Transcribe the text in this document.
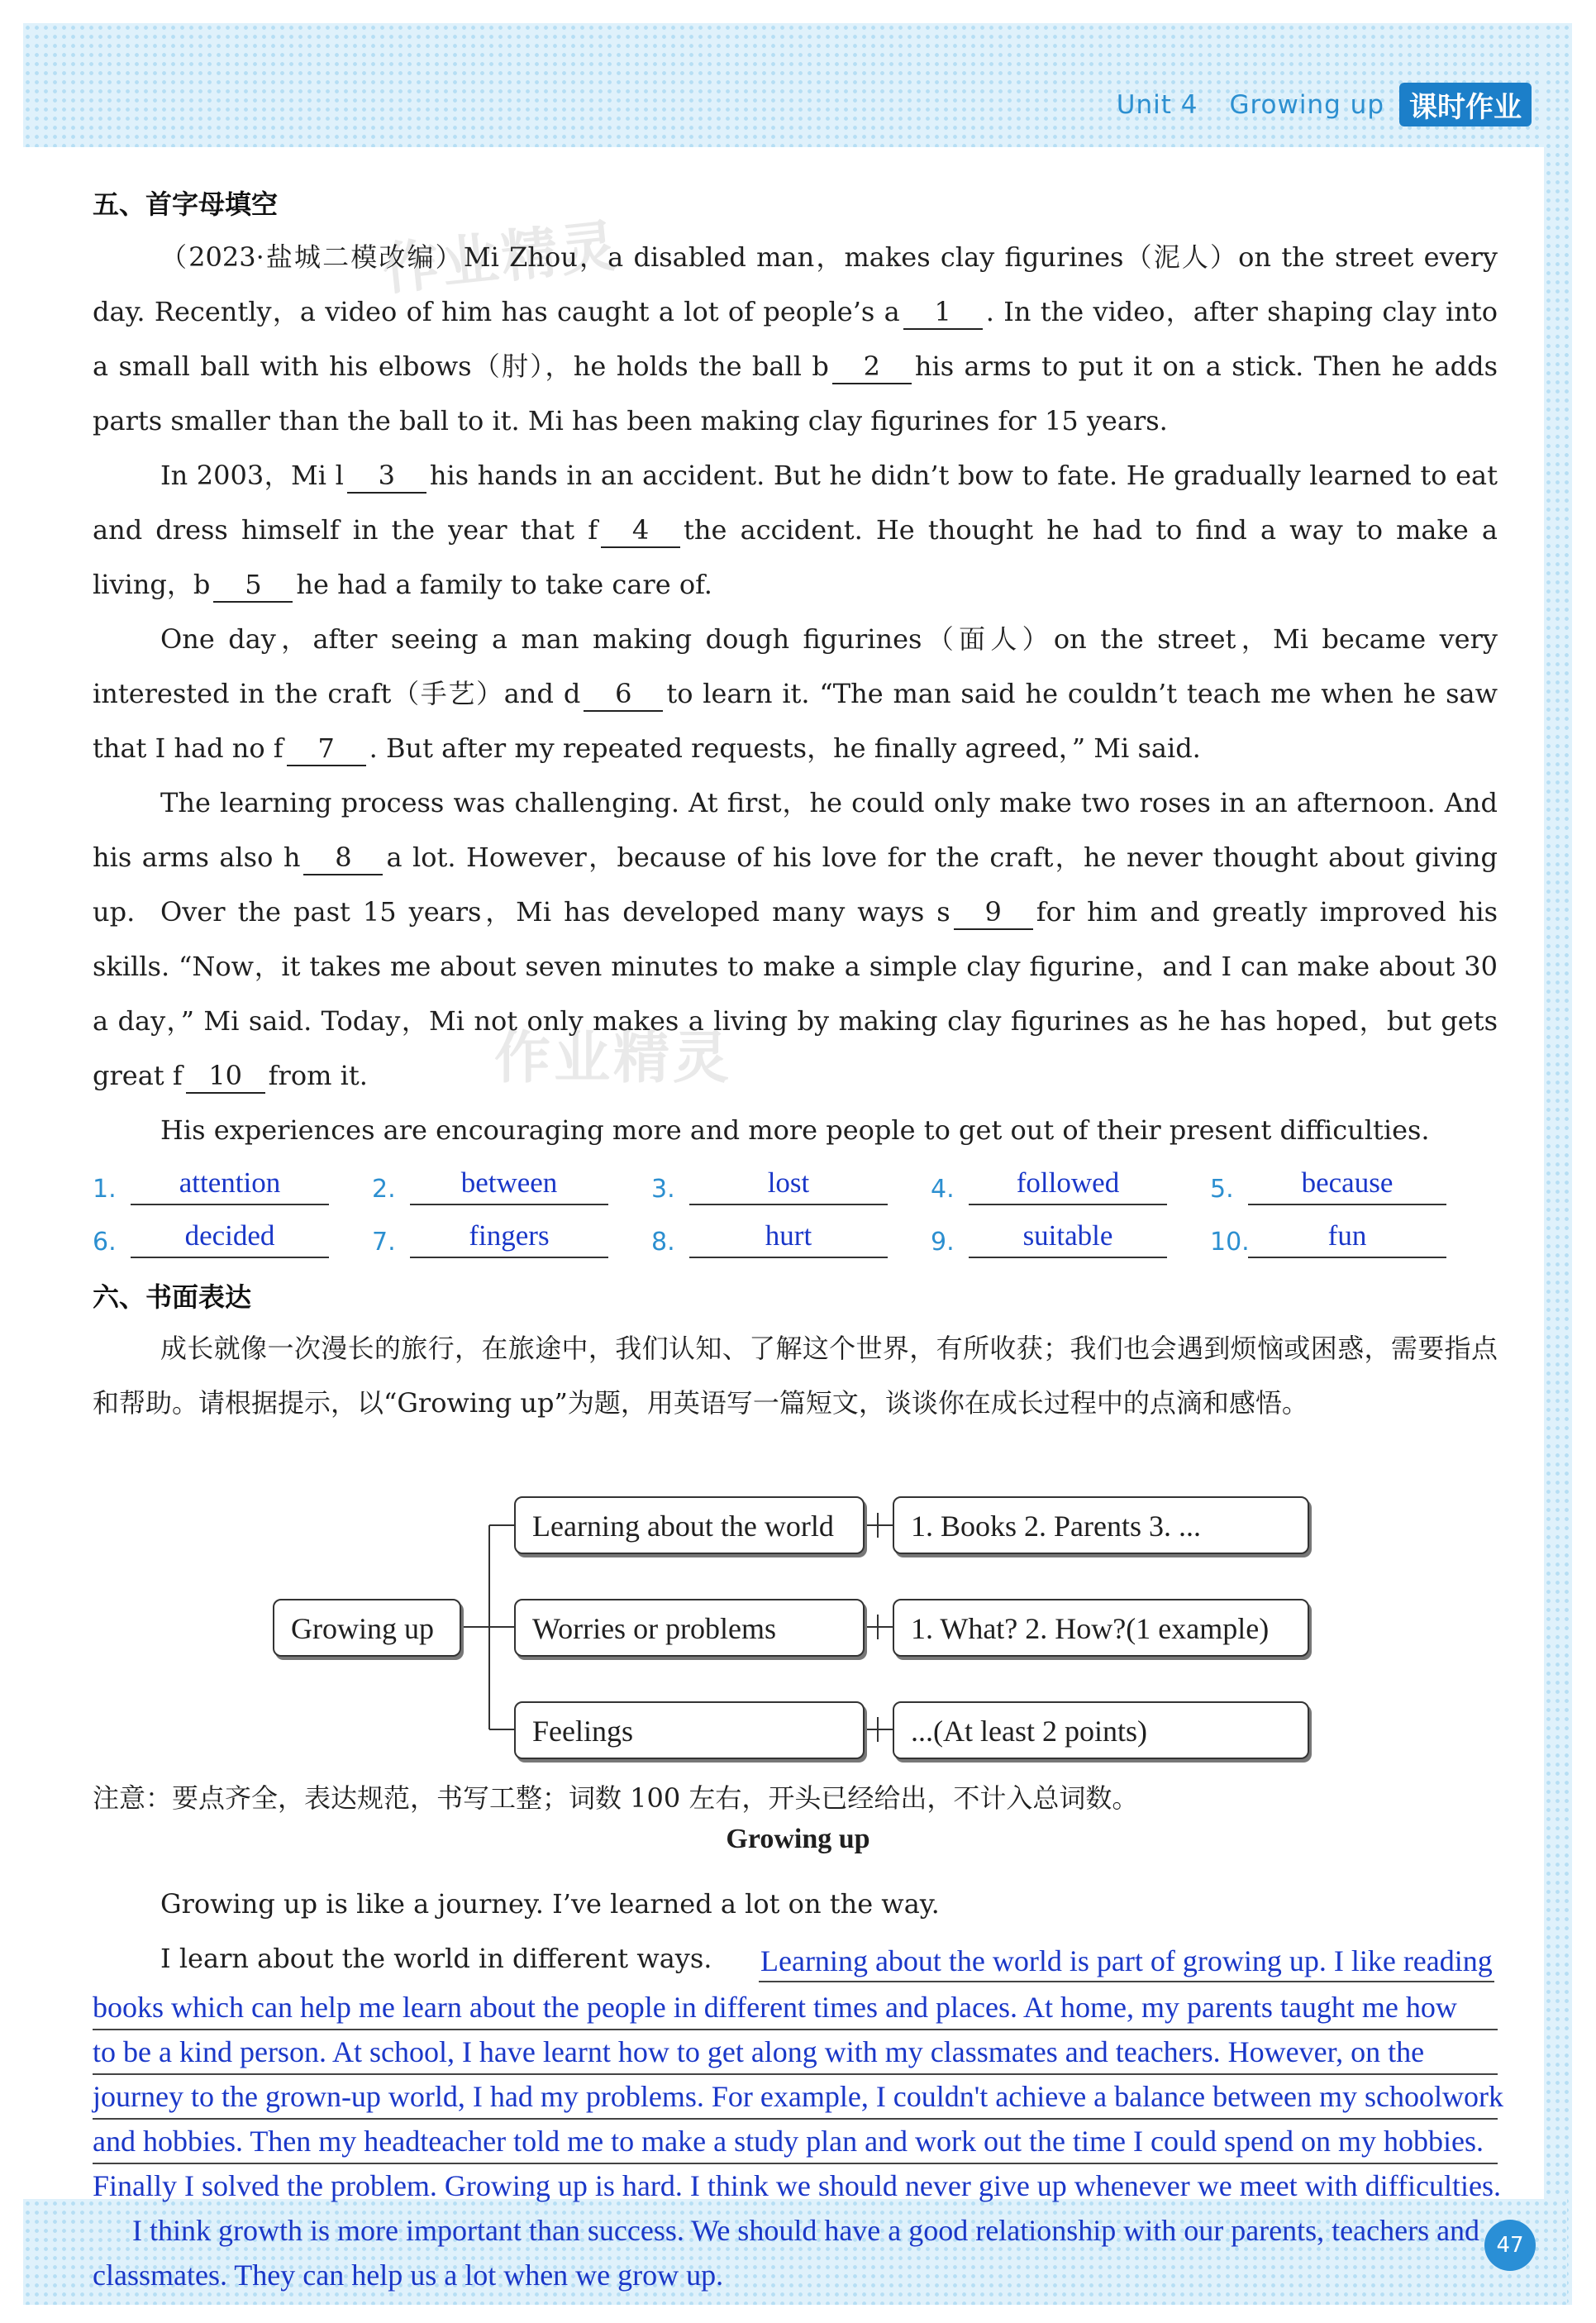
Unit 4 Growing up 课时作业
作业精灵
作业精灵
五、首字母填空

（2023·盐城二模改编）Mi Zhou，a disabled man，makes clay figurines（泥人）on the street every day. Recently，a video of him has caught a lot of people’s a 1 . In the video，after shaping clay into a small ball with his elbows（肘），he holds the ball b 2 his arms to put it on a stick. Then he adds parts smaller than the ball to it. Mi has been making clay figurines for 15 years.

In 2003，Mi l 3 his hands in an accident. But he didn’t bow to fate. He gradually learned to eat and dress himself in the year that f 4 the accident. He thought he had to find a way to make a living，b 5 he had a family to take care of.

One day，after seeing a man making dough figurines（面人）on the street，Mi became very interested in the craft（手艺）and d 6 to learn it. “The man said he couldn’t teach me when he saw that I had no f 7 . But after my repeated requests，he finally agreed，” Mi said.

The learning process was challenging. At first，he could only make two roses in an afternoon. And his arms also h 8 a lot. However，because of his love for the craft，he never thought about giving up. Over the past 15 years，Mi has developed many ways s 9 for him and greatly improved his skills. “Now，it takes me about seven minutes to make a simple clay figurine，and I can make about 30 a day，” Mi said. Today，Mi not only makes a living by making clay figurines as he has hoped，but gets great f 10 from it.

His experiences are encouraging more and more people to get out of their present difficulties.

1.	attention	2.	between	3.	lost	4.	followed	5.	because
6.	decided	7.	fingers	8.	hurt	9.	suitable	10.	fun
六、书面表达

成长就像一次漫长的旅行，在旅途中，我们认知、了解这个世界，有所收获；我们也会遇到烦恼或困惑，需要指点和帮助。请根据提示，以“Growing up”为题，用英语写一篇短文，谈谈你在成长过程中的点滴和感悟。

Growing up
Learning about the world
Worries or problems
Feelings
1. Books 2. Parents 3. ...
1. What? 2. How?(1 example)
...(At least 2 points)

注意：要点齐全，表达规范，书写工整；词数 100 左右，开头已经给出，不计入总词数。

Growing up

Growing up is like a journey. I’ve learned a lot on the way.

I learn about the world in different ways. Learning about the world is part of growing up. I like reading
books which can help me learn about the people in different times and places. At home, my parents taught me how
to be a kind person. At school, I have learnt how to get along with my classmates and teachers. However, on the
journey to the grown-up world, I had my problems. For example, I couldn't achieve a balance between my schoolwork
and hobbies. Then my headteacher told me to make a study plan and work out the time I could spend on my hobbies.
Finally I solved the problem. Growing up is hard. I think we should never give up whenever we meet with difficulties.
I think growth is more important than success. We should have a good relationship with our parents, teachers and
classmates. They can help us a lot when we grow up.
47
